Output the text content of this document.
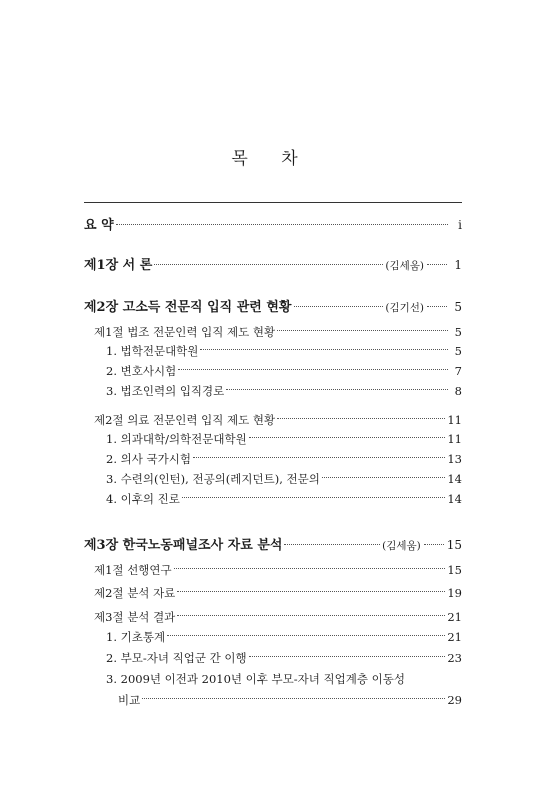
목 차
요 약	i
제1장 서 론	(김세움)	1
제2장 고소득 전문직 입직 관련 현황	(김기선)	5
제1절 법조 전문인력 입직 제도 현황	5
1. 법학전문대학원	5
2. 변호사시험	7
3. 법조인력의 입직경로	8
제2절 의료 전문인력 입직 제도 현황	11
1. 의과대학/의학전문대학원	11
2. 의사 국가시험	13
3. 수련의(인턴), 전공의(레지던트), 전문의	14
4. 이후의 진로	14
제3장 한국노동패널조사 자료 분석	(김세움) 15
제1절 선행연구	15
제2절 분석 자료	19
제3절 분석 결과	21
1. 기초통계	21
2. 부모-자녀 직업군 간 이행	23
3. 2009년 이전과 2010년 이후 부모-자녀 직업계층 이동성
비교	29
